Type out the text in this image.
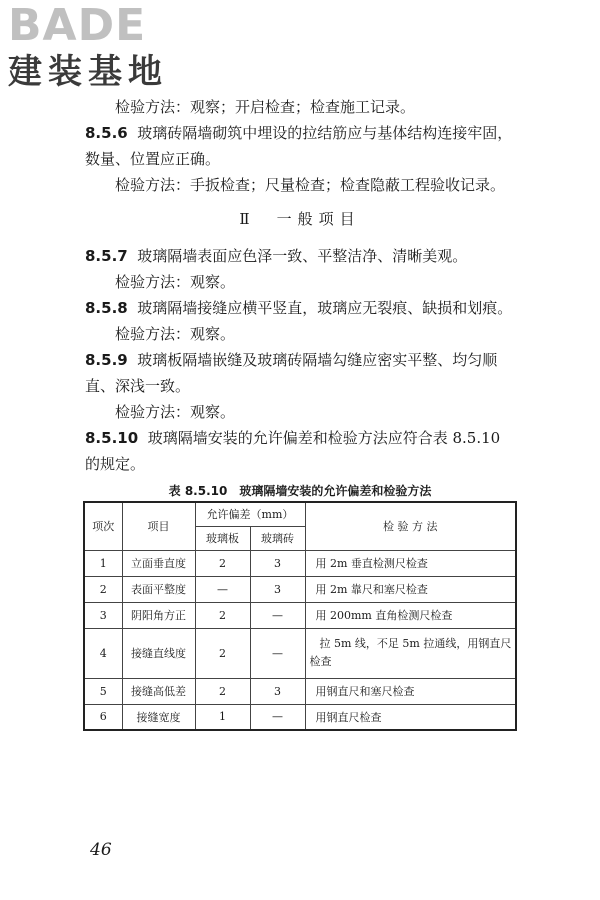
BADE
建装基地
检验方法：观察；开启检查；检查施工记录。
8.5.6 玻璃砖隔墙砌筑中埋设的拉结筋应与基体结构连接牢固，
数量、位置应正确。
检验方法：手扳检查；尺量检查；检查隐蔽工程验收记录。
Ⅱ　一般项目
8.5.7 玻璃隔墙表面应色泽一致、平整洁净、清晰美观。
检验方法：观察。
8.5.8 玻璃隔墙接缝应横平竖直，玻璃应无裂痕、缺损和划痕。
检验方法：观察。
8.5.9 玻璃板隔墙嵌缝及玻璃砖隔墙勾缝应密实平整、均匀顺
直、深浅一致。
检验方法：观察。
8.5.10 玻璃隔墙安装的允许偏差和检验方法应符合表 8.5.10
的规定。
表 8.5.10　玻璃隔墙安装的允许偏差和检验方法
项次	项目	允许偏差（mm）		检 验 方 法
		玻璃板	玻璃砖	
1	立面垂直度	2	3	用 2m 垂直检测尺检查
2	表面平整度	—	3	用 2m 靠尺和塞尺检查
3	阴阳角方正	2	—	用 200mm 直角检测尺检查
4	接缝直线度	2	—	拉 5m 线，不足 5m 拉通线，用钢直尺
检查

5	接缝高低差	2	3	用钢直尺和塞尺检查
6	接缝宽度	1	—	用钢直尺检查
46
